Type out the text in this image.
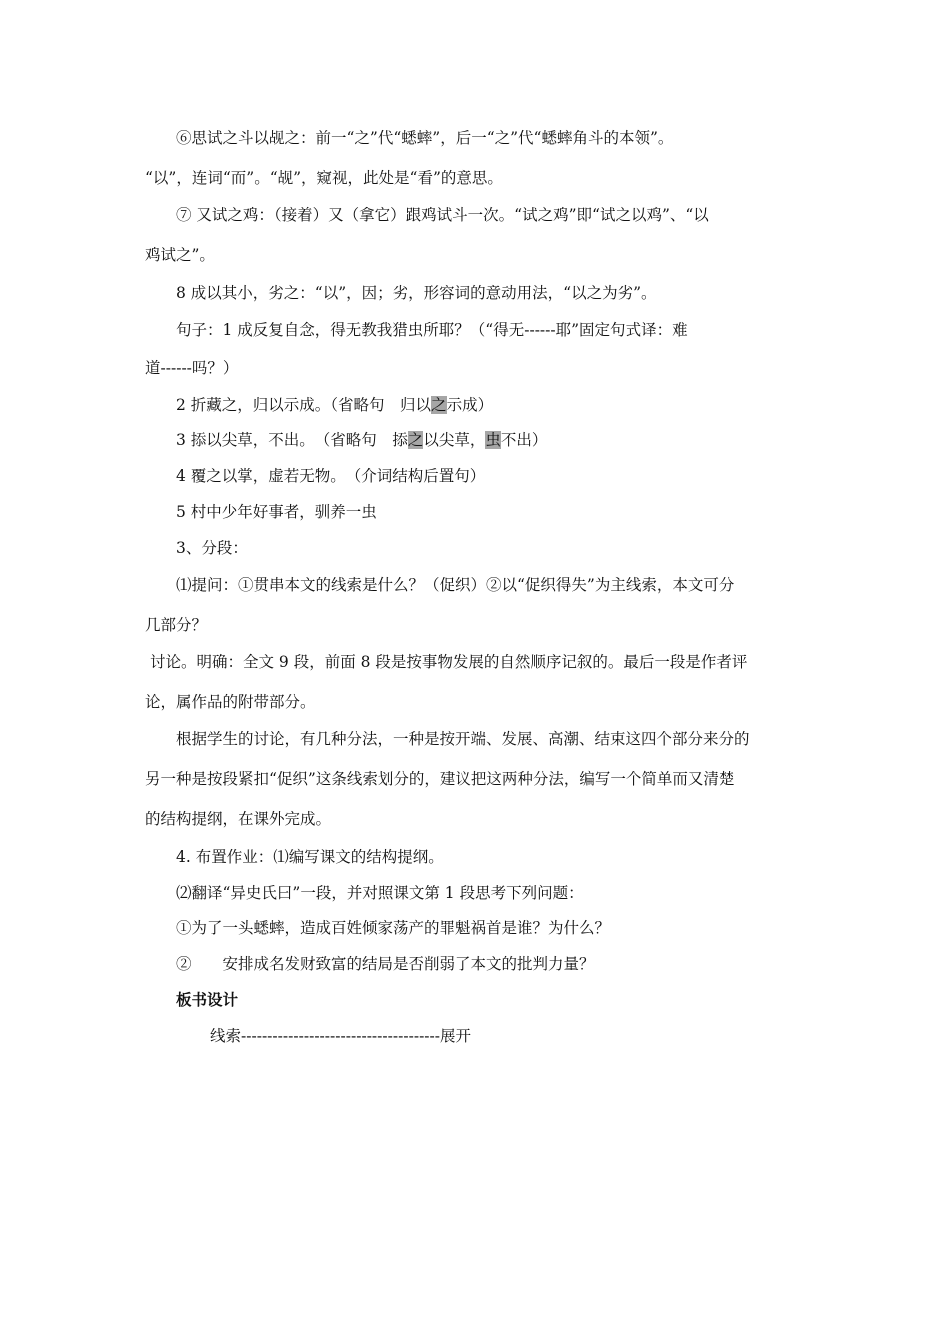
⑥思试之斗以觇之：前一“之”代“蟋蟀”，后一“之”代“蟋蟀角斗的本领”。
“以”，连词“而”。“觇”，窥视，此处是“看”的意思。
⑦ 又试之鸡：（接着）又（拿它）跟鸡试斗一次。“试之鸡”即“试之以鸡”、“以
鸡试之”。
8 成以其小，劣之：“以”，因；劣，形容词的意动用法，“以之为劣”。
句子：1 成反复自念，得无教我猎虫所耶？（“得无------耶”固定句式译：难
道------吗？）
2 折藏之，归以示成。（省略句　归以之示成）
3 掭以尖草，不出。　（省略句　掭之以尖草，虫不出）
4 覆之以掌，虚若无物。　（介词结构后置句）
5 村中少年好事者，驯养一虫
3、分段：
⑴提问：①贯串本文的线索是什么？（促织）②以“促织得失”为主线索，本文可分
几部分？
讨论。明确：全文 9 段，前面 8 段是按事物发展的自然顺序记叙的。最后一段是作者评
论，属作品的附带部分。
根据学生的讨论，有几种分法，一种是按开端、发展、高潮、结束这四个部分来分的
另一种是按段紧扣“促织”这条线索划分的，建议把这两种分法，编写一个简单而又清楚
的结构提纲，在课外完成。
4. 布置作业：⑴编写课文的结构提纲。
⑵翻译“异史氏曰”一段，并对照课文第 1 段思考下列问题：
①为了一头蟋蟀，造成百姓倾家荡产的罪魁祸首是谁？为什么？
②　　安排成名发财致富的结局是否削弱了本文的批判力量？
板书设计
线索--------------------------------------展开
